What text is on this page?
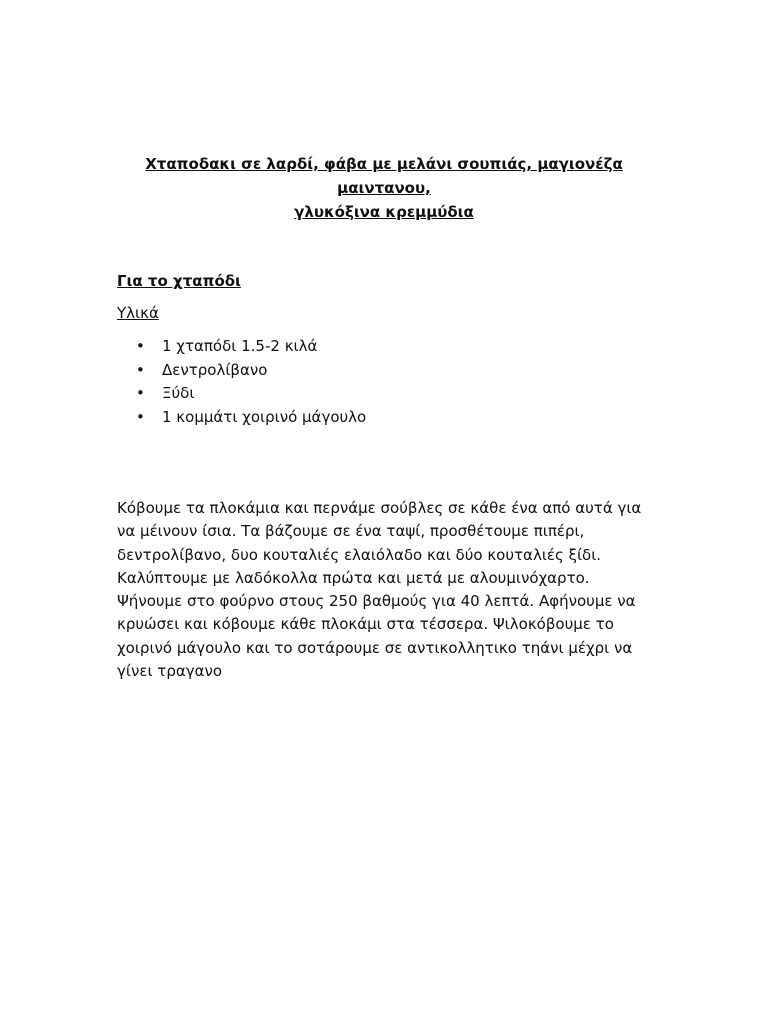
Χταποδακι σε λαρδί, φάβα με μελάνι σουπιάς, μαγιονέζα μαιντανου,
γλυκόξινα κρεμμύδια
Για το χταπόδι
Υλικά
• 1 χταπόδι 1.5-2 κιλά
• Δεντρολίβανο
• Ξύδι
• 1 κομμάτι χοιρινό μάγουλο
Κόβουμε τα πλοκάμια και περνάμε σούβλες σε κάθε ένα από αυτά για
να μέινουν ίσια. Τα βάζουμε σε ένα ταψί, προσθέτουμε πιπέρι,
δεντρολίβανο, δυο κουταλιές ελαιόλαδο και δύο κουταλιές ξίδι.
Καλύπτουμε με λαδόκολλα πρώτα και μετά με αλουμινόχαρτο.
Ψήνουμε στο φούρνο στους 250 βαθμούς για 40 λεπτά. Αφήνουμε να
κρυώσει και κόβουμε κάθε πλοκάμι στα τέσσερα. Ψιλοκόβουμε το
χοιρινό μάγουλο και το σοτάρουμε σε αντικολλητικο τηάνι μέχρι να
γίνει τραγανο
